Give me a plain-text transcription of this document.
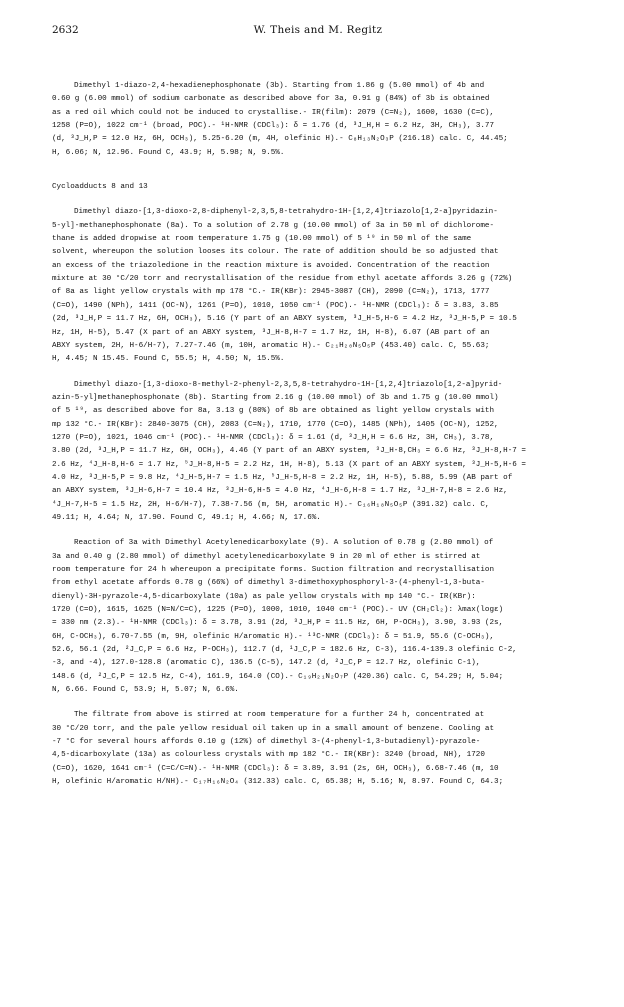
2632	W. Theis and M. Regitz
Dimethyl 1-diazo-2,4-hexadienephosphonate (3b). Starting from 1.86 g (5.00 mmol) of 4b and
0.60 g (6.00 mmol) of sodium carbonate as described above for 3a, 0.91 g (84%) of 3b is obtained
as a red oil which could not be induced to crystallise.- IR(film): 2079 (C=N₂), 1600, 1630 (C=C),
1258 (P=O), 1022 cm⁻¹ (broad, POC).- ¹H-NMR (CDCl₃): δ = 1.76 (d, ³J_H,H = 6.2 Hz, 3H, CH₃), 3.77
(d, ³J_H,P = 12.0 Hz, 6H, OCH₃), 5.25-6.20 (m, 4H, olefinic H).- C₈H₁₃N₂O₃P (216.18) calc. C, 44.45;
H, 6.06; N, 12.96. Found C, 43.9; H, 5.98; N, 9.5%.
Cycloadducts 8 and 13
Dimethyl diazo-[1,3-dioxo-2,8-diphenyl-2,3,5,8-tetrahydro-1H-[1,2,4]triazolo[1,2-a]pyridazin-
5-yl]-methanephosphonate (8a). To a solution of 2.78 g (10.00 mmol) of 3a in 50 ml of dichlorome-
thane is added dropwise at room temperature 1.75 g (10.00 mmol) of 5 ¹⁹ in 50 ml of the same
solvent, whereupon the solution looses its colour. The rate of addition should be so adjusted that
an excess of the triazoledione in the reaction mixture is avoided. Concentration of the reaction
mixture at 30 °C/20 torr and recrystallisation of the residue from ethyl acetate affords 3.26 g (72%)
of 8a as light yellow crystals with mp 178 °C.- IR(KBr): 2945-3087 (CH), 2090 (C=N₂), 1713, 1777
(C=O), 1490 (NPh), 1411 (OC-N), 1261 (P=O), 1010, 1050 cm⁻¹ (POC).- ¹H-NMR (CDCl₃): δ = 3.83, 3.85
(2d, ³J_H,P = 11.7 Hz, 6H, OCH₃), 5.16 (Y part of an ABXY system, ³J_H-5,H-6 = 4.2 Hz, ³J_H-5,P = 10.5
Hz, 1H, H-5), 5.47 (X part of an ABXY system, ³J_H-8,H-7 = 1.7 Hz, 1H, H-8), 6.07 (AB part of an
ABXY system, 2H, H-6/H-7), 7.27-7.46 (m, 10H, aromatic H).- C₂₁H₂₀N₅O₅P (453.40) calc. C, 55.63;
H, 4.45; N 15.45. Found C, 55.5; H, 4.50; N, 15.5%.
Dimethyl diazo-[1,3-dioxo-8-methyl-2-phenyl-2,3,5,8-tetrahydro-1H-[1,2,4]triazolo[1,2-a]pyrid-
azin-5-yl]methanephosphonate (8b). Starting from 2.16 g (10.00 mmol) of 3b and 1.75 g (10.00 mmol)
of 5 ¹⁹, as described above for 8a, 3.13 g (80%) of 8b are obtained as light yellow crystals with
mp 132 °C.- IR(KBr): 2840-3075 (CH), 2083 (C=N₂), 1710, 1770 (C=O), 1485 (NPh), 1405 (OC-N), 1252,
1270 (P=O), 1021, 1046 cm⁻¹ (POC).- ¹H-NMR (CDCl₃): δ = 1.61 (d, ³J_H,H = 6.6 Hz, 3H, CH₃), 3.78,
3.80 (2d, ³J_H,P = 11.7 Hz, 6H, OCH₃), 4.46 (Y part of an ABXY system, ³J_H-8,CH₃ = 6.6 Hz, ³J_H-8,H-7 =
2.6 Hz, ⁴J_H-8,H-6 = 1.7 Hz, ⁵J_H-8,H-5 = 2.2 Hz, 1H, H-8), 5.13 (X part of an ABXY system, ³J_H-5,H-6 =
4.0 Hz, ³J_H-5,P = 9.8 Hz, ⁴J_H-5,H-7 = 1.5 Hz, ⁵J_H-5,H-8 = 2.2 Hz, 1H, H-5), 5.88, 5.99 (AB part of
an ABXY system, ³J_H-6,H-7 = 10.4 Hz, ³J_H-6,H-5 = 4.0 Hz, ⁴J_H-6,H-8 = 1.7 Hz, ³J_H-7,H-8 = 2.6 Hz,
⁴J_H-7,H-5 = 1.5 Hz, 2H, H-6/H-7), 7.38-7.56 (m, 5H, aromatic H).- C₁₆H₁₈N₅O₅P (391.32) calc. C,
49.11; H, 4.64; N, 17.90. Found C, 49.1; H, 4.66; N, 17.6%.
Reaction of 3a with Dimethyl Acetylenedicarboxylate (9). A solution of 0.78 g (2.80 mmol) of
3a and 0.40 g (2.80 mmol) of dimethyl acetylenedicarboxylate 9 in 20 ml of ether is stirred at
room temperature for 24 h whereupon a precipitate forms. Suction filtration and recrystallisation
from ethyl acetate affords 0.78 g (66%) of dimethyl 3-dimethoxyphosphoryl-3-(4-phenyl-1,3-buta-
dienyl)-3H-pyrazole-4,5-dicarboxylate (10a) as pale yellow crystals with mp 140 °C.- IR(KBr):
1720 (C=O), 1615, 1625 (N=N/C=C), 1225 (P=O), 1000, 1010, 1040 cm⁻¹ (POC).- UV (CH₂Cl₂): λmax(logε)
= 330 nm (2.3).- ¹H-NMR (CDCl₃): δ = 3.78, 3.91 (2d, ³J_H,P = 11.5 Hz, 6H, P-OCH₃), 3.90, 3.93 (2s,
6H, C-OCH₃), 6.70-7.55 (m, 9H, olefinic H/aromatic H).- ¹³C-NMR (CDCl₃): δ = 51.9, 55.6 (C-OCH₃),
52.6, 56.1 (2d, ²J_C,P = 6.6 Hz, P-OCH₃), 112.7 (d, ¹J_C,P = 182.6 Hz, C-3), 116.4-139.3 olefinic C-2,
-3, and -4), 127.0-128.8 (aromatic C), 136.5 (C-5), 147.2 (d, ²J_C,P = 12.7 Hz, olefinic C-1),
148.6 (d, ²J_C,P = 12.5 Hz, C-4), 161.9, 164.0 (CO).- C₁₉H₂₁N₂O₇P (420.36) calc. C, 54.29; H, 5.04;
N, 6.66. Found C, 53.9; H, 5.07; N, 6.6%.
The filtrate from above is stirred at room temperature for a further 24 h, concentrated at
30 °C/20 torr, and the pale yellow residual oil taken up in a small amount of benzene. Cooling at
-7 °C for several hours affords 0.10 g (12%) of dimethyl 3-(4-phenyl-1,3-butadienyl)-pyrazole-
4,5-dicarboxylate (13a) as colourless crystals with mp 182 °C.- IR(KBr): 3240 (broad, NH), 1720
(C=O), 1620, 1641 cm⁻¹ (C=C/C=N).- ¹H-NMR (CDCl₃): δ = 3.89, 3.91 (2s, 6H, OCH₃), 6.68-7.46 (m, 10
H, olefinic H/aromatic H/NH).- C₁₇H₁₆N₂O₄ (312.33) calc. C, 65.38; H, 5.16; N, 8.97. Found C, 64.3;
